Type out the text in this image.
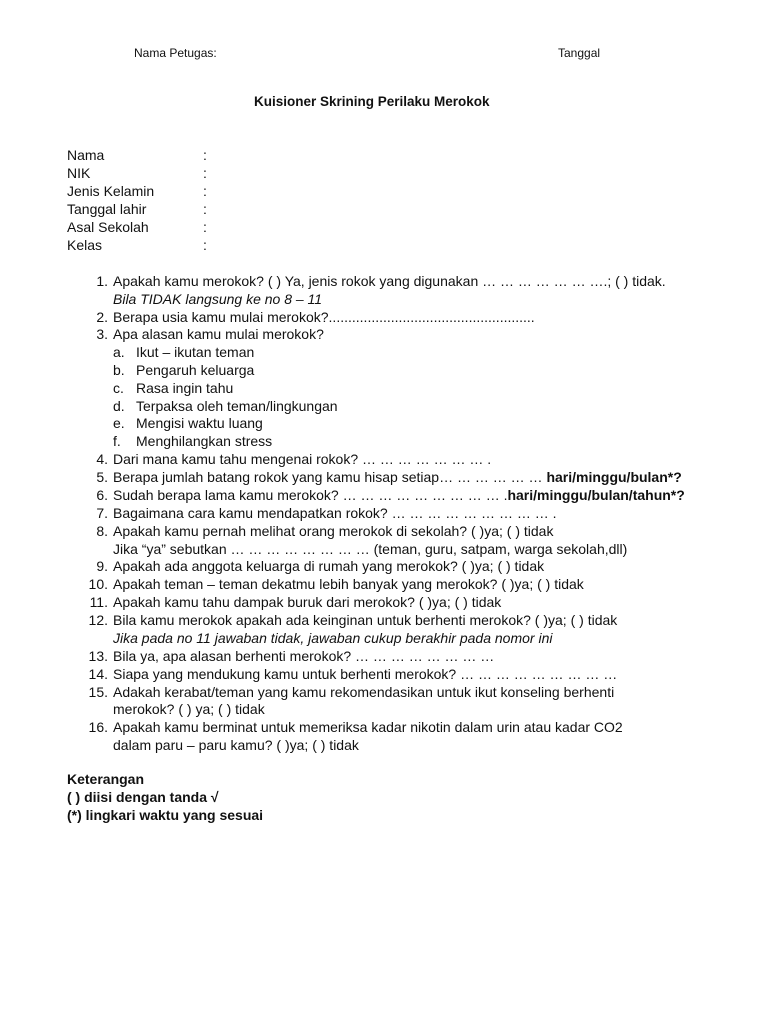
Nama Petugas:	Tanggal
Kuisioner Skrining Perilaku Merokok
Nama	:
NIK	:
Jenis Kelamin	:
Tanggal lahir	:
Asal Sekolah	:
Kelas	:
1. Apakah kamu merokok? ( ) Ya, jenis rokok yang digunakan … … … … … … ….; ( ) tidak.
Bila TIDAK langsung ke no 8 – 11
2. Berapa usia kamu mulai merokok?.....................................................
3. Apa alasan kamu mulai merokok?
a. Ikut – ikutan teman
b. Pengaruh keluarga
c. Rasa ingin tahu
d. Terpaksa oleh teman/lingkungan
e. Mengisi waktu luang
f. Menghilangkan stress
4. Dari mana kamu tahu mengenai rokok? … … … … … … … .
5. Berapa jumlah batang rokok yang kamu hisap setiap… … … … … … hari/minggu/bulan*?
6. Sudah berapa lama kamu merokok? … … … … … … … … … .hari/minggu/bulan/tahun*?
7. Bagaimana cara kamu mendapatkan rokok? … … … … … … … … … .
8. Apakah kamu pernah melihat orang merokok di sekolah? ( )ya; ( ) tidak
Jika “ya” sebutkan … … … … … … … … (teman, guru, satpam, warga sekolah,dll)
9. Apakah ada anggota keluarga di rumah yang merokok? ( )ya; ( ) tidak
10. Apakah teman – teman dekatmu lebih banyak yang merokok? ( )ya; ( ) tidak
11. Apakah kamu tahu dampak buruk dari merokok? ( )ya; ( ) tidak
12. Bila kamu merokok apakah ada keinginan untuk berhenti merokok? ( )ya; ( ) tidak
Jika pada no 11 jawaban tidak, jawaban cukup berakhir pada nomor ini
13. Bila ya, apa alasan berhenti merokok? … … … … … … … …
14. Siapa yang mendukung kamu untuk berhenti merokok? … … … … … … … … …
15. Adakah kerabat/teman yang kamu rekomendasikan untuk ikut konseling berhenti
merokok? ( ) ya; ( ) tidak
16. Apakah kamu berminat untuk memeriksa kadar nikotin dalam urin atau kadar CO2
dalam paru – paru kamu? ( )ya; ( ) tidak
Keterangan
( ) diisi dengan tanda √
(*) lingkari waktu yang sesuai
